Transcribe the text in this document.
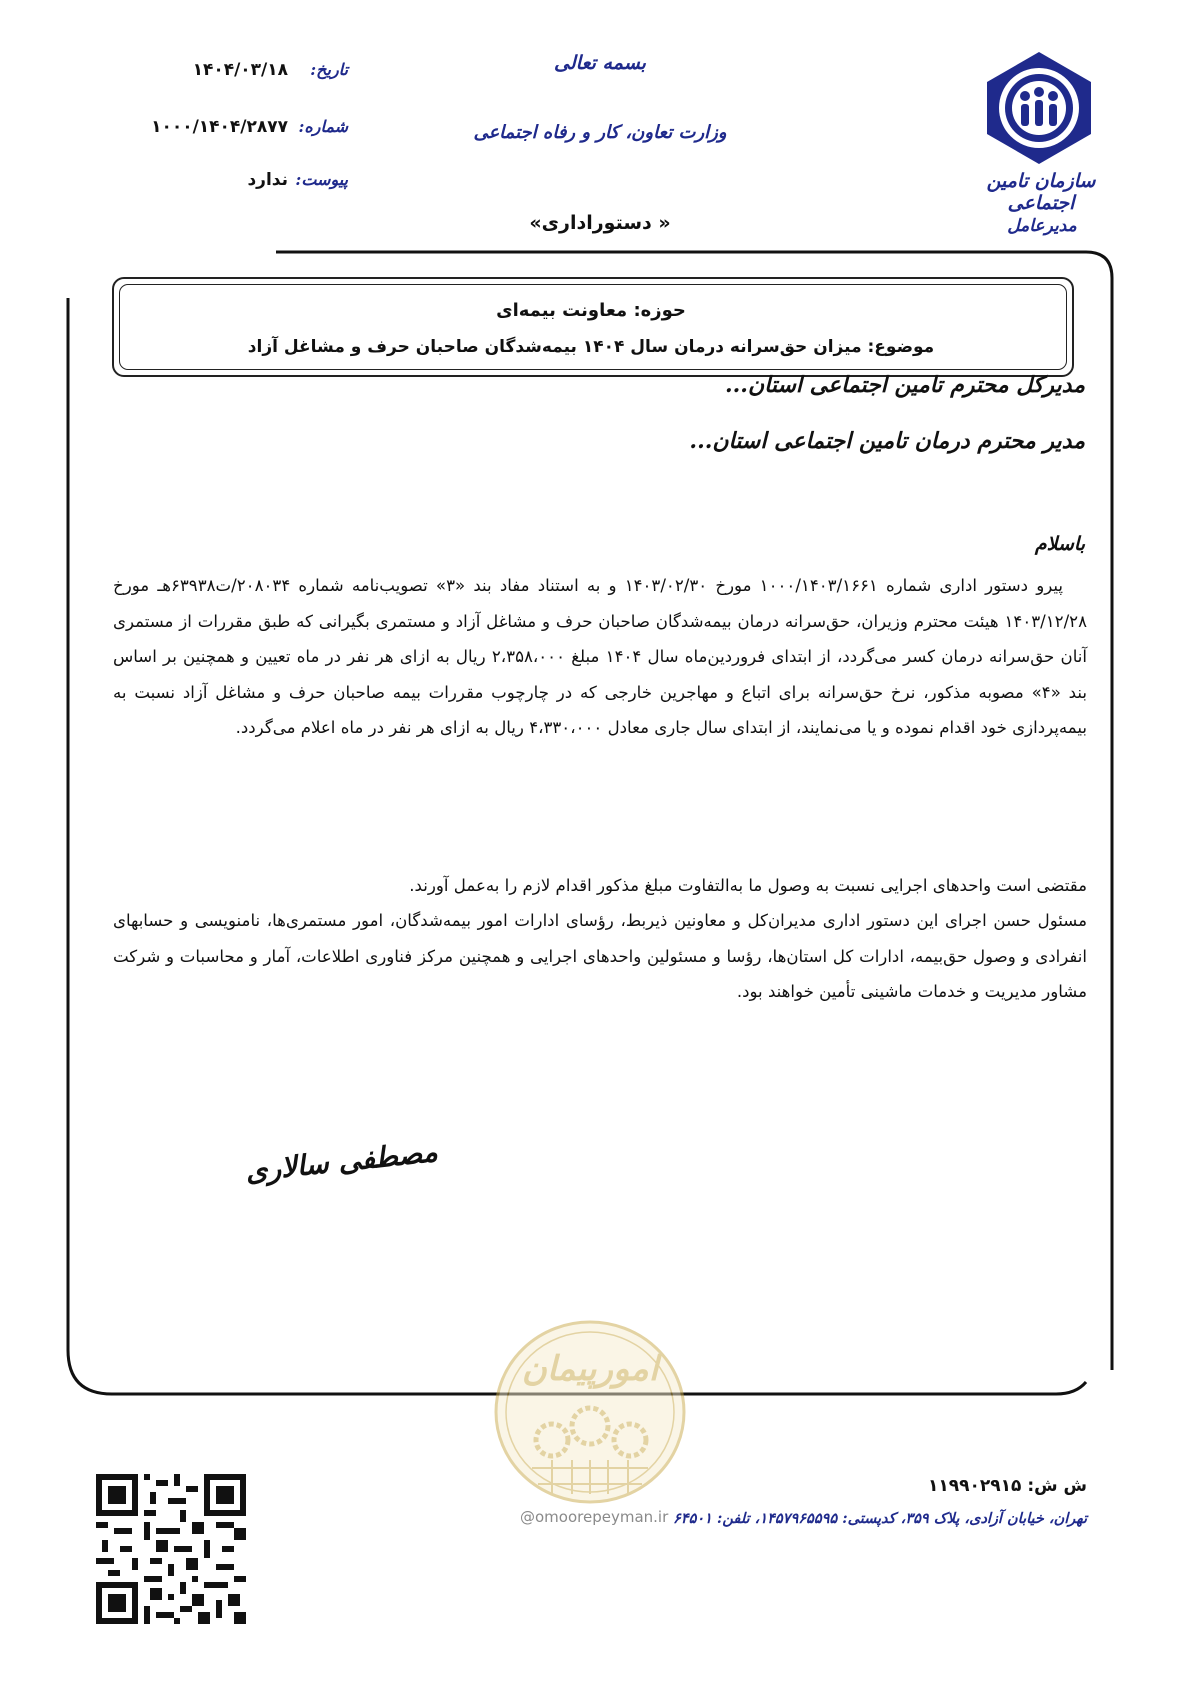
سازمان تامین اجتماعی
مدیرعامل
بسمه تعالی
وزارت تعاون، کار و رفاه اجتماعی
« دستوراداری»
تاریخ:
۱۴۰۴/۰۳/۱۸
شماره:
۱۰۰۰/۱۴۰۴/۲۸۷۷
پیوست:
ندارد
حوزه: معاونت بیمه‌ای
موضوع: میزان حق‌سرانه درمان سال ۱۴۰۴ بیمه‌شدگان صاحبان حرف و مشاغل آزاد
مدیرکل محترم تامین اجتماعی استان...
مدیر محترم درمان تامین اجتماعی استان...
باسلام
پیرو دستور اداری شماره ۱۰۰۰/۱۴۰۳/۱۶۶۱ مورخ ۱۴۰۳/۰۲/۳۰ و به استناد مفاد بند «۳» تصویب‌نامه شماره ۲۰۸۰۳۴/ت۶۳۹۳۸هـ مورخ ۱۴۰۳/۱۲/۲۸ هیئت محترم وزیران، حق‌سرانه درمان بیمه‌شدگان صاحبان حرف و مشاغل آزاد و مستمری بگیرانی که طبق مقررات از مستمری آنان حق‌سرانه درمان کسر می‌گردد، از ابتدای فروردین‌ماه سال ۱۴۰۴ مبلغ ۲،۳۵۸،۰۰۰ ریال به ازای هر نفر در ماه تعیین و همچنین بر اساس بند «۴» مصوبه مذکور، نرخ حق‌سرانه برای اتباع و مهاجرین خارجی که در چارچوب مقررات بیمه صاحبان حرف و مشاغل آزاد نسبت به بیمه‌پردازی خود اقدام نموده و یا می‌نمایند، از ابتدای سال جاری معادل ۴،۳۳۰،۰۰۰ ریال به ازای هر نفر در ماه اعلام می‌گردد.
مقتضی است واحدهای اجرایی نسبت به وصول ما به‌التفاوت مبلغ مذکور اقدام لازم را به‌عمل آورند.
مسئول حسن اجرای این دستور اداری مدیران‌کل و معاونین ذیربط، رؤسای ادارات امور بیمه‌شدگان، امور مستمری‌ها، نامنویسی و حسابهای انفرادی و وصول حق‌بیمه، ادارات کل استان‌ها، رؤسا و مسئولین واحدهای اجرایی و همچنین مرکز فناوری اطلاعات، آمار و محاسبات و شرکت مشاور مدیریت و خدمات ماشینی تأمین خواهند بود.
مصطفی سالاری
امورپیمان
@omoorepeyman.ir
ش ش: ۱۱۹۹۰۲۹۱۵
تهران، خیابان آزادی، پلاک ۳۵۹، کدپستی: ۱۴۵۷۹۶۵۵۹۵، تلفن: ۶۴۵۰۱
